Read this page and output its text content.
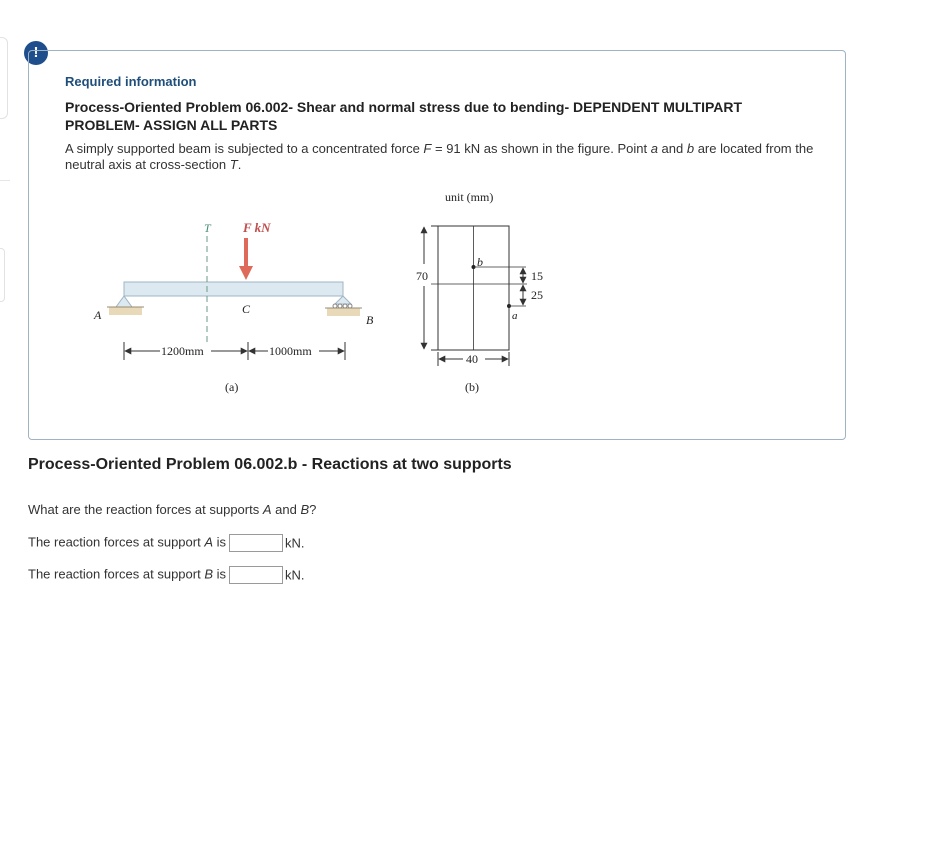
!
Required information
Process-Oriented Problem 06.002- Shear and normal stress due to bending- DEPENDENT MULTIPART PROBLEM- ASSIGN ALL PARTS
A simply supported beam is subjected to a concentrated force F = 91 kN as shown in the figure. Point a and b are located from the neutral axis at cross-section T.
T F kN
C
A	B
1200mm	1000mm
(a)
unit (mm)
70
b
a
15
25
40
(b)
Process-Oriented Problem 06.002.b - Reactions at two supports
What are the reaction forces at supports A and B?
The reaction forces at support A is	kN.
The reaction forces at support B is	kN.
